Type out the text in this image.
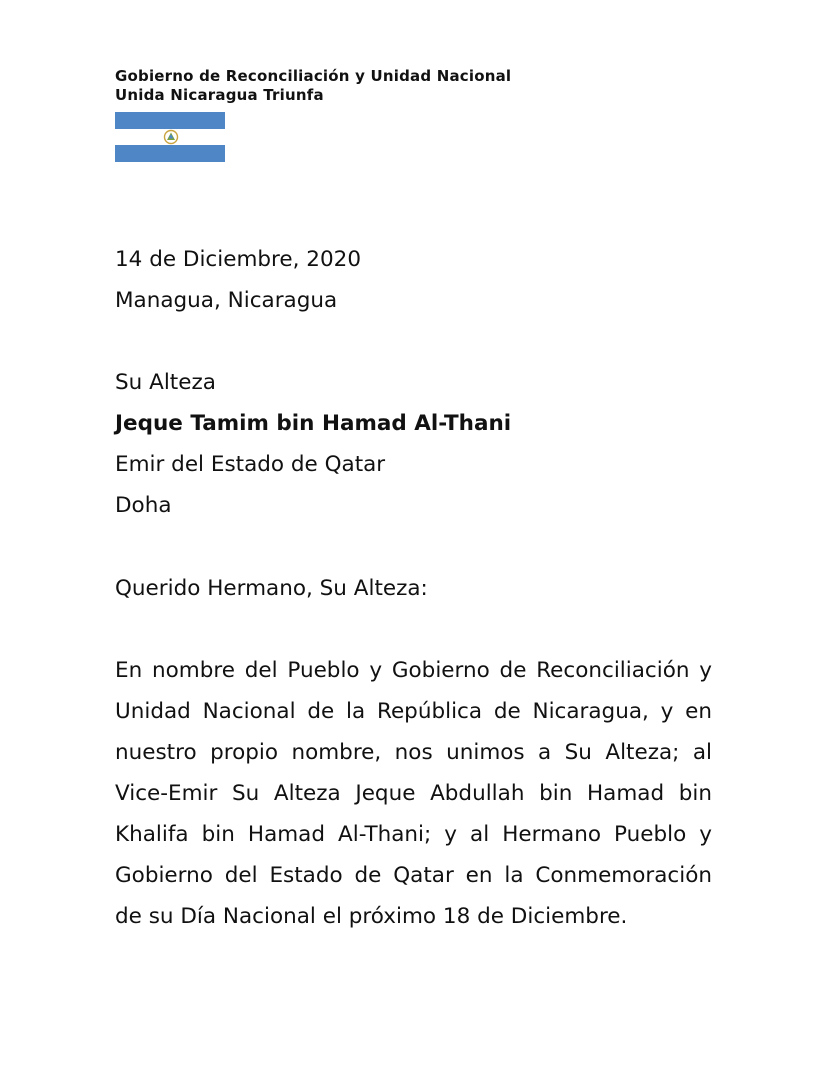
Gobierno de Reconciliación y Unidad Nacional
Unida Nicaragua Triunfa
14 de Diciembre, 2020
Managua, Nicaragua
Su Alteza
Jeque Tamim bin Hamad Al-Thani
Emir del Estado de Qatar
Doha
Querido Hermano, Su Alteza:
En nombre del Pueblo y Gobierno de Reconciliación y
Unidad Nacional de la República de Nicaragua, y en
nuestro propio nombre, nos unimos a Su Alteza; al
Vice-Emir Su Alteza Jeque Abdullah bin Hamad bin
Khalifa bin Hamad Al-Thani; y al Hermano Pueblo y
Gobierno del Estado de Qatar en la Conmemoración
de su Día Nacional el próximo 18 de Diciembre.
